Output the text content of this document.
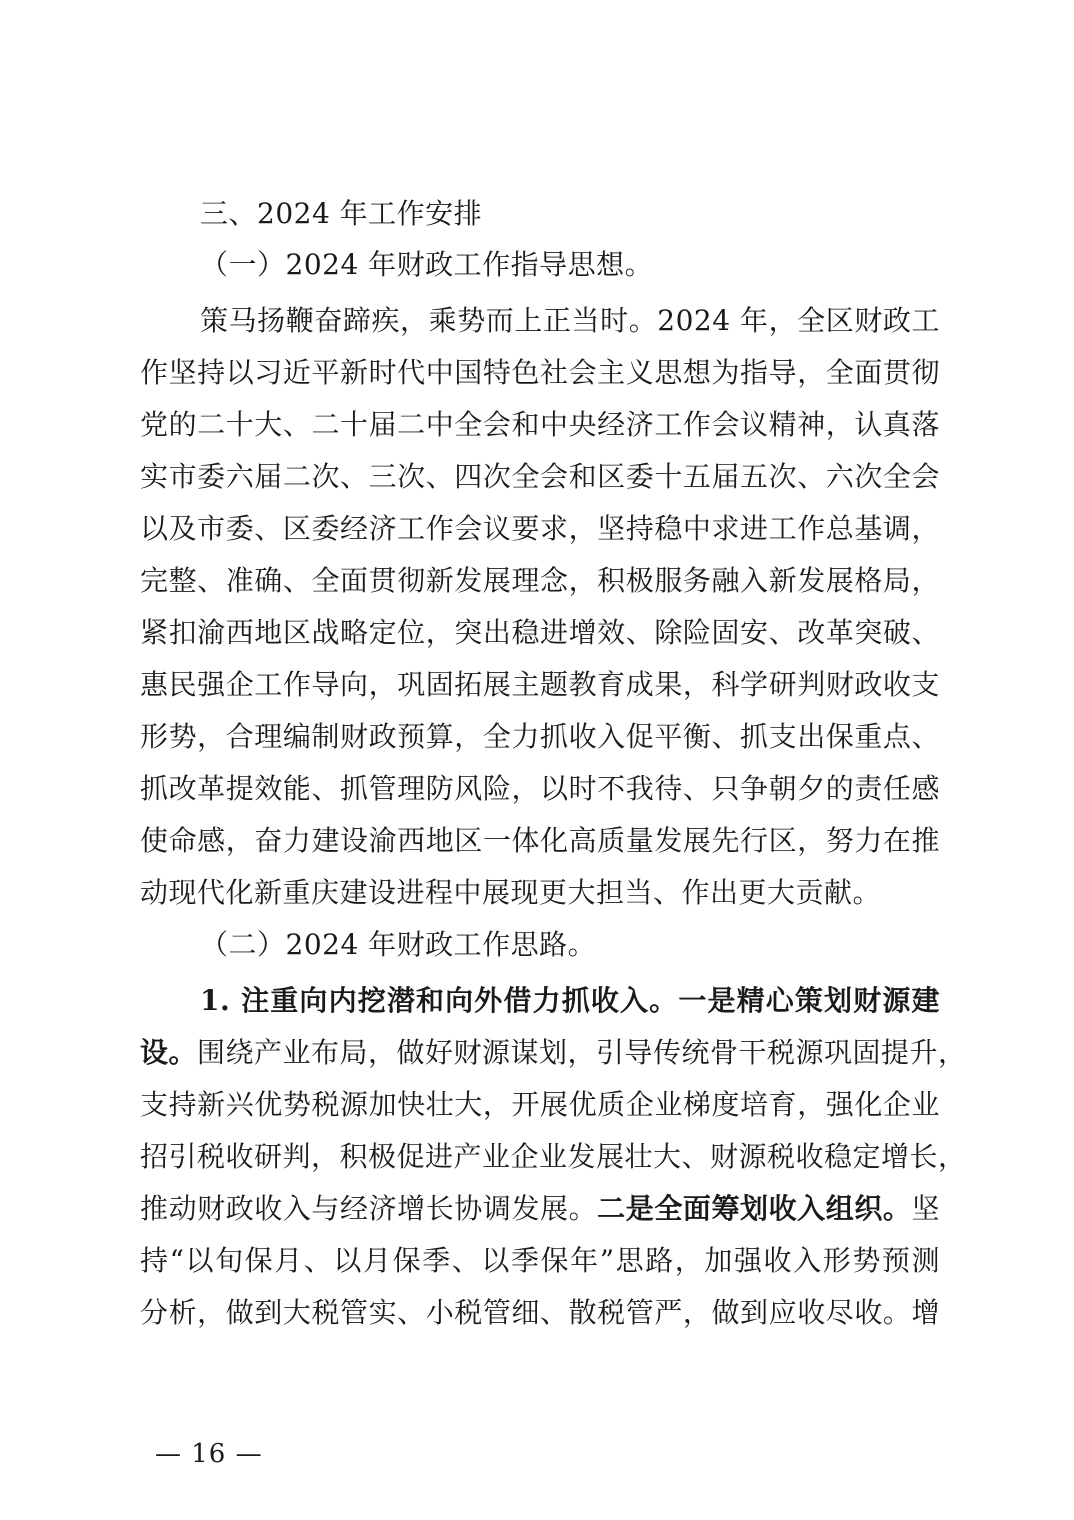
三、2024 年工作安排
（一）2024 年财政工作指导思想。
策马扬鞭奋蹄疾，乘势而上正当时。2024 年，全区财政工
作坚持以习近平新时代中国特色社会主义思想为指导，全面贯彻
党的二十大、二十届二中全会和中央经济工作会议精神，认真落
实市委六届二次、三次、四次全会和区委十五届五次、六次全会
以及市委、区委经济工作会议要求，坚持稳中求进工作总基调，
完整、准确、全面贯彻新发展理念，积极服务融入新发展格局，
紧扣渝西地区战略定位，突出稳进增效、除险固安、改革突破、
惠民强企工作导向，巩固拓展主题教育成果，科学研判财政收支
形势，合理编制财政预算，全力抓收入促平衡、抓支出保重点、
抓改革提效能、抓管理防风险，以时不我待、只争朝夕的责任感
使命感，奋力建设渝西地区一体化高质量发展先行区，努力在推
动现代化新重庆建设进程中展现更大担当、作出更大贡献。
（二）2024 年财政工作思路。
1. 注重向内挖潜和向外借力抓收入。一是精心策划财源建
设。围绕产业布局，做好财源谋划，引导传统骨干税源巩固提升，
支持新兴优势税源加快壮大，开展优质企业梯度培育，强化企业
招引税收研判，积极促进产业企业发展壮大、财源税收稳定增长，
推动财政收入与经济增长协调发展。二是全面筹划收入组织。坚
持“以旬保月、以月保季、以季保年”思路，加强收入形势预测
分析，做到大税管实、小税管细、散税管严，做到应收尽收。增
— 16 —
